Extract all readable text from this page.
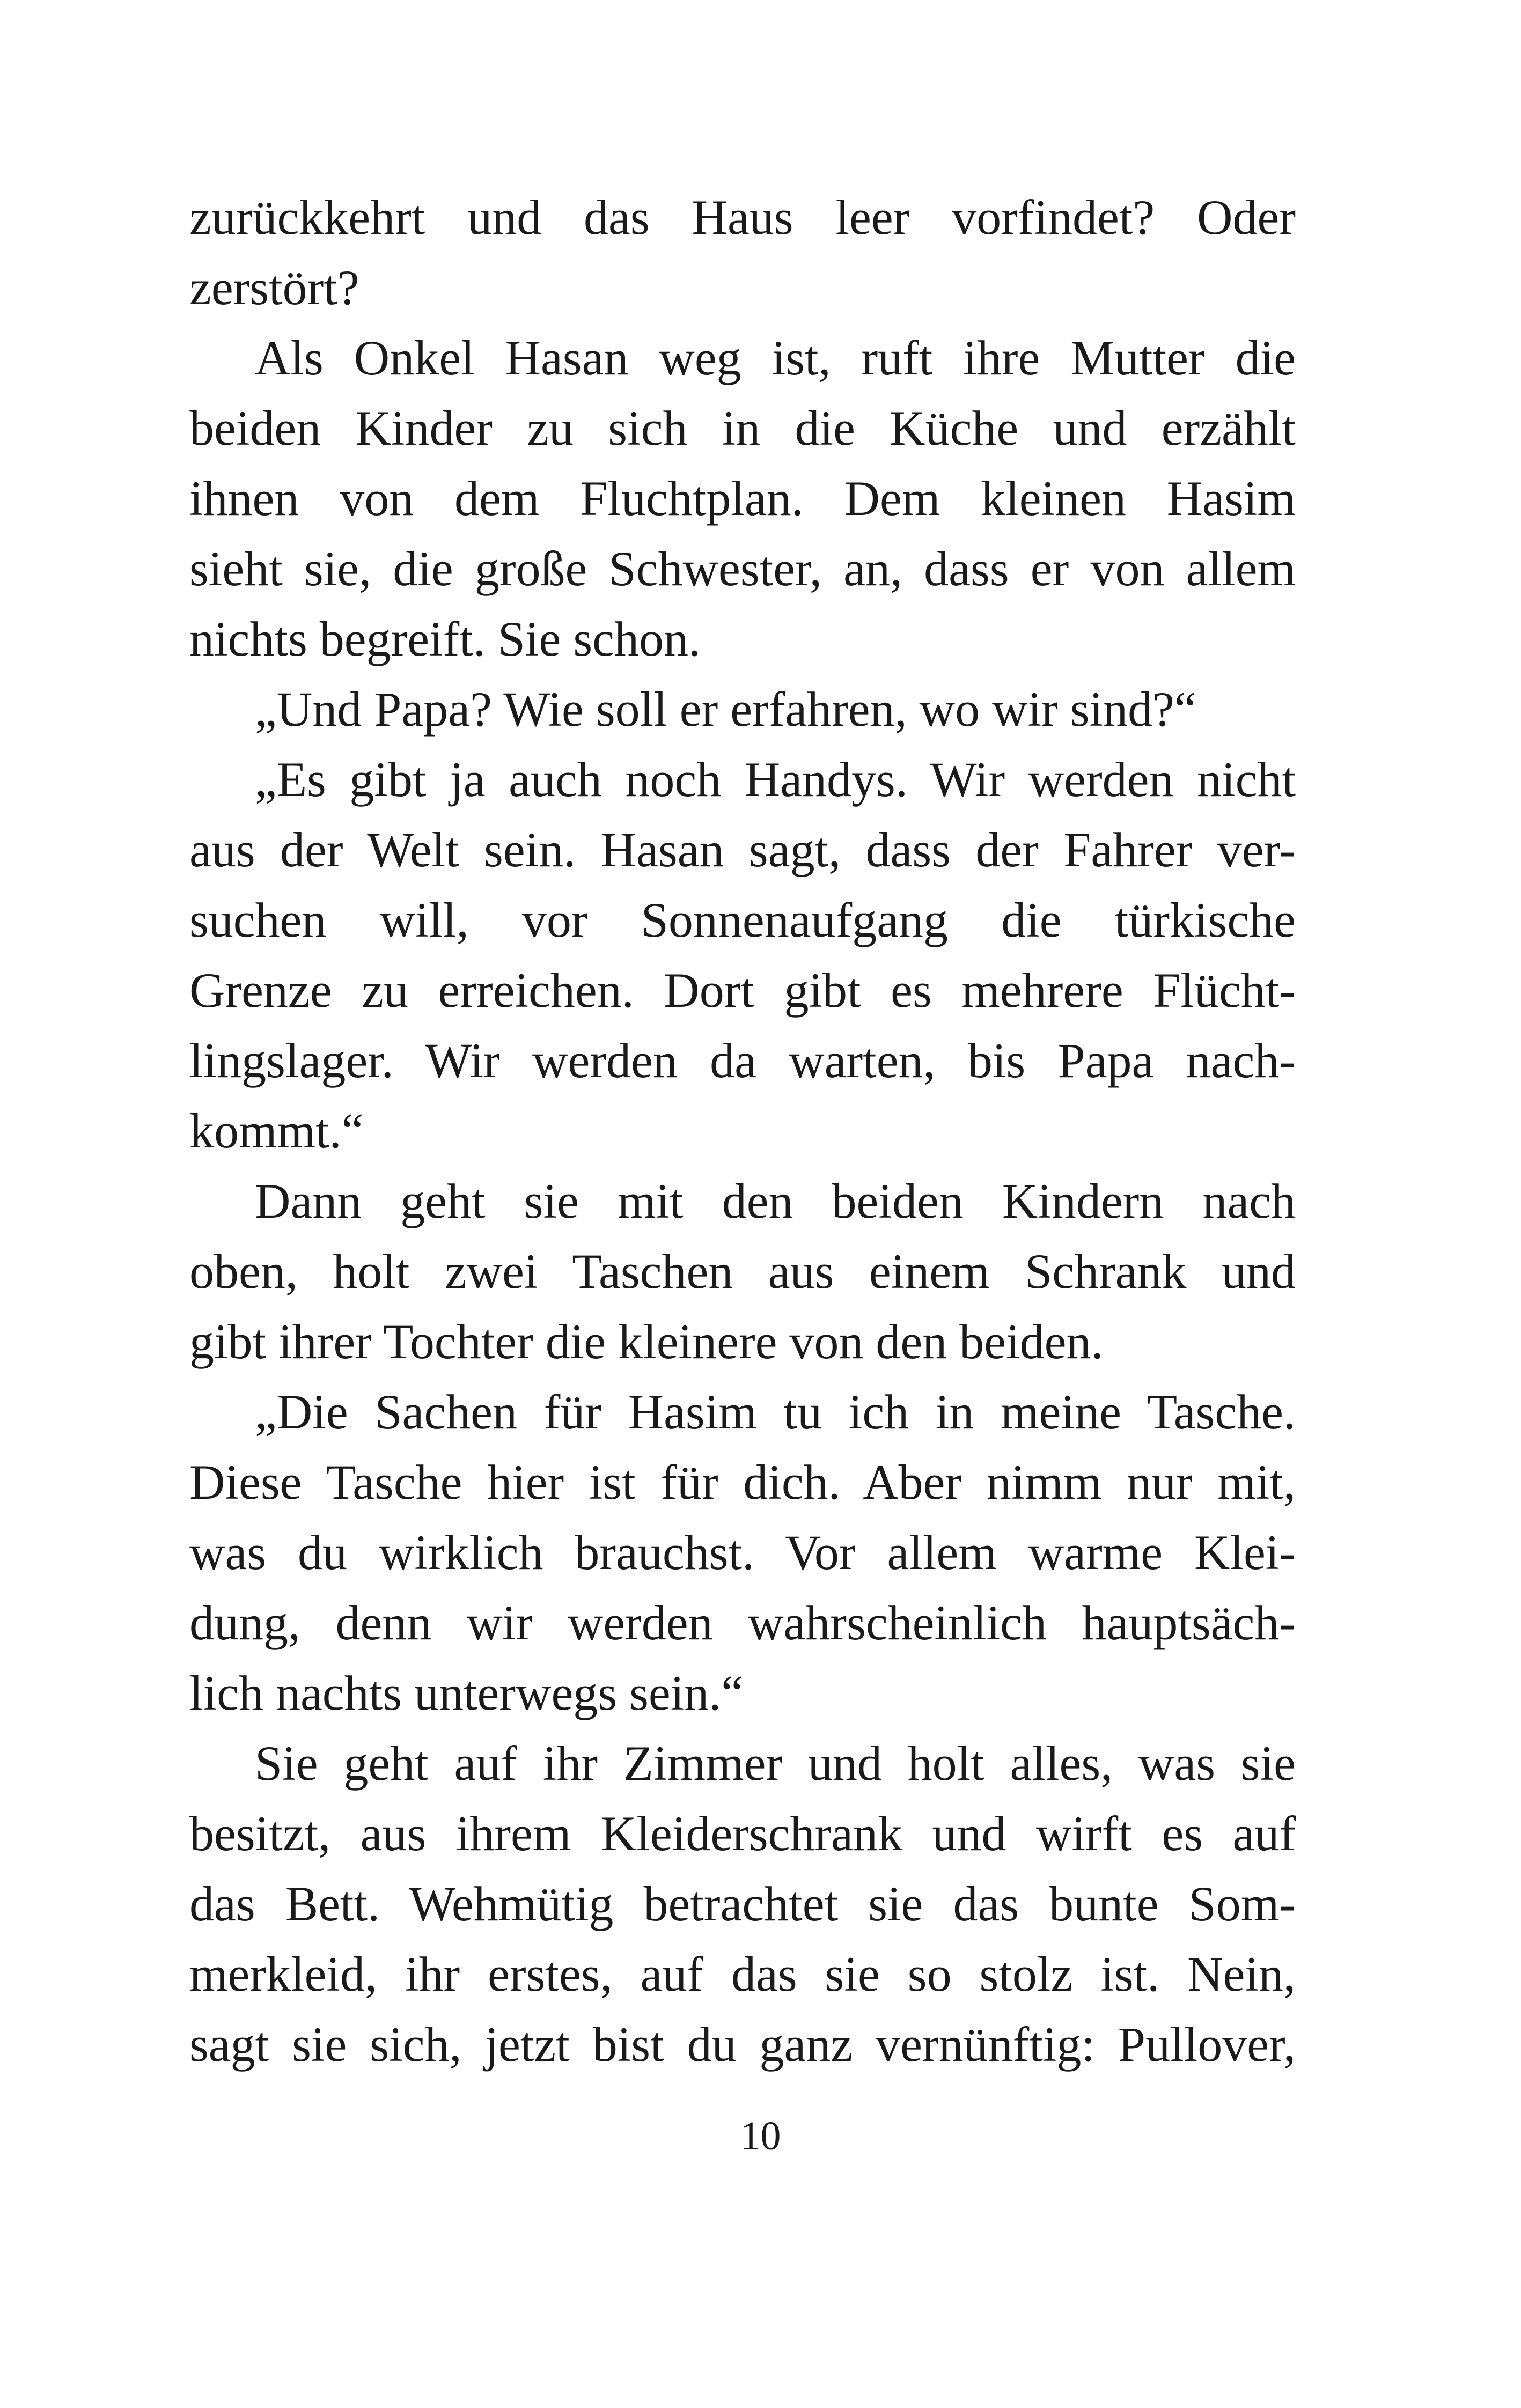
zurückkehrt und das Haus leer vorfindet? Oder
zerstört?
Als Onkel Hasan weg ist, ruft ihre Mutter die
beiden Kinder zu sich in die Küche und erzählt
ihnen von dem Fluchtplan. Dem kleinen Hasim
sieht sie, die große Schwester, an, dass er von allem
nichts begreift. Sie schon.
„Und Papa? Wie soll er erfahren, wo wir sind?“
„Es gibt ja auch noch Handys. Wir werden nicht
aus der Welt sein. Hasan sagt, dass der Fahrer ver-
suchen will, vor Sonnenaufgang die türkische
Grenze zu erreichen. Dort gibt es mehrere Flücht-
lingslager. Wir werden da warten, bis Papa nach-
kommt.“
Dann geht sie mit den beiden Kindern nach
oben, holt zwei Taschen aus einem Schrank und
gibt ihrer Tochter die kleinere von den beiden.
„Die Sachen für Hasim tu ich in meine Tasche.
Diese Tasche hier ist für dich. Aber nimm nur mit,
was du wirklich brauchst. Vor allem warme Klei-
dung, denn wir werden wahrscheinlich hauptsäch-
lich nachts unterwegs sein.“
Sie geht auf ihr Zimmer und holt alles, was sie
besitzt, aus ihrem Kleiderschrank und wirft es auf
das Bett. Wehmütig betrachtet sie das bunte Som-
merkleid, ihr erstes, auf das sie so stolz ist. Nein,
sagt sie sich, jetzt bist du ganz vernünftig: Pullover,
10
